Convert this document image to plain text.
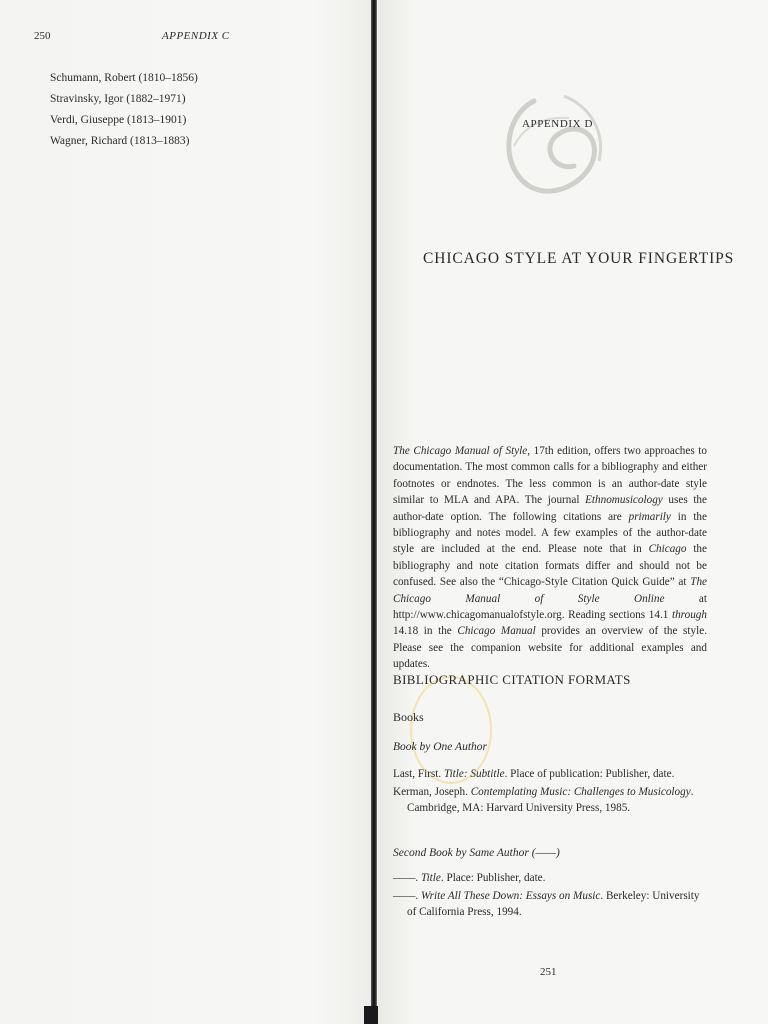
250	APPENDIX C
Schumann, Robert (1810–1856)
Stravinsky, Igor (1882–1971)
Verdi, Giuseppe (1813–1901)
Wagner, Richard (1813–1883)
APPENDIX D
CHICAGO STYLE AT YOUR FINGERTIPS

The Chicago Manual of Style, 17th edition, offers two approaches to documentation. The most common calls for a bibliography and either footnotes or endnotes. The less common is an author-date style similar to MLA and APA. The journal Ethnomusicology uses the author-date option. The following citations are primarily in the bibliography and notes model. A few examples of the author-date style are included at the end. Please note that in Chicago the bibliography and note citation formats differ and should not be confused. See also the “Chicago-Style Citation Quick Guide” at The Chicago Manual of Style Online at http://www.chicagomanualofstyle.org. Reading sections 14.1 through 14.18 in the Chicago Manual provides an overview of the style. Please see the companion website for additional examples and updates.

BIBLIOGRAPHIC CITATION FORMATS
Books
Book by One Author

Last, First. Title: Subtitle. Place of publication: Publisher, date.

Kerman, Joseph. Contemplating Music: Challenges to Musicology. Cambridge, MA: Harvard University Press, 1985.

Second Book by Same Author (——)

——. Title. Place: Publisher, date.

——. Write All These Down: Essays on Music. Berkeley: University of California Press, 1994.

251
